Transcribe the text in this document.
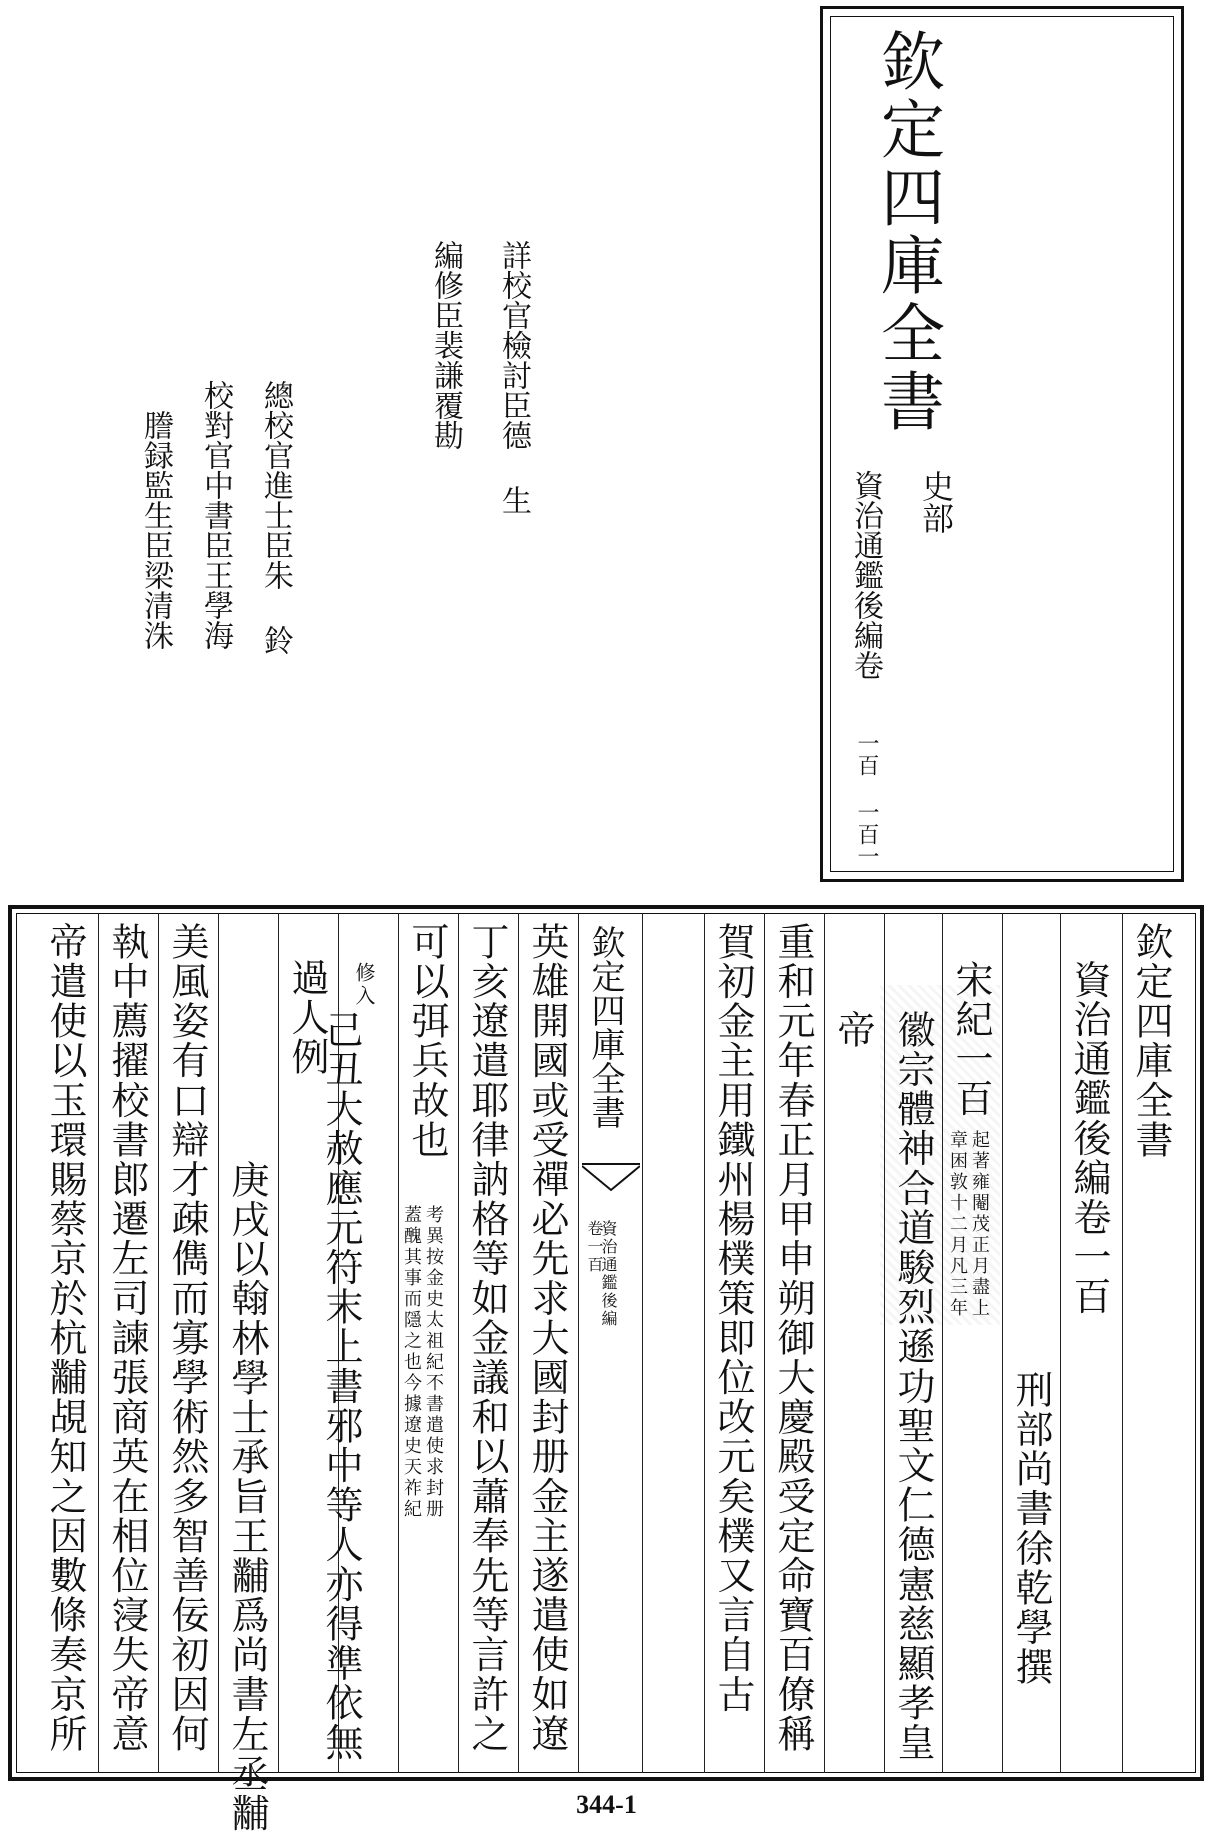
欽定四庫全書
史部
資治通鑑後編卷
一百 一百一
詳校官檢討臣德 生
編修臣裴謙覆勘
總校官進士臣朱 鈴
校對官中書臣王學海
謄録監生臣梁清洙
欽定四庫全書
資治通鑑後編卷一百
刑部尚書徐乾學撰
宋紀一百
起著雍閹茂正月盡上
章困敦十二月凡三年
徽宗體神合道駿烈遜功聖文仁德憲慈顯孝皇
帝
重和元年春正月甲申朔御大慶殿受定命寶百僚稱
賀初金主用鐵州楊樸策即位改元矣樸又言自古
欽定四庫全書
資治通鑑後編
卷一百
英雄開國或受禪必先求大國封册金主遂遣使如遼
丁亥遼遣耶律訥格等如金議和以蕭奉先等言許之
可以弭兵故也
考異按金史太祖紀不書遣使求封册
蓋醜其事而隱之也今據遼史天祚紀
修入
己丑大赦應元符末上書邪中等人亦得準依無
過人例
庚戌以翰林學士承旨王黼爲尚書左丞黼
美風姿有口辯才疎儁而寡學術然多智善佞初因何
執中薦擢校書郎遷左司諫張商英在相位寖失帝意
帝遣使以玉環賜蔡京於杭黼覘知之因數條奏京所
344-1
